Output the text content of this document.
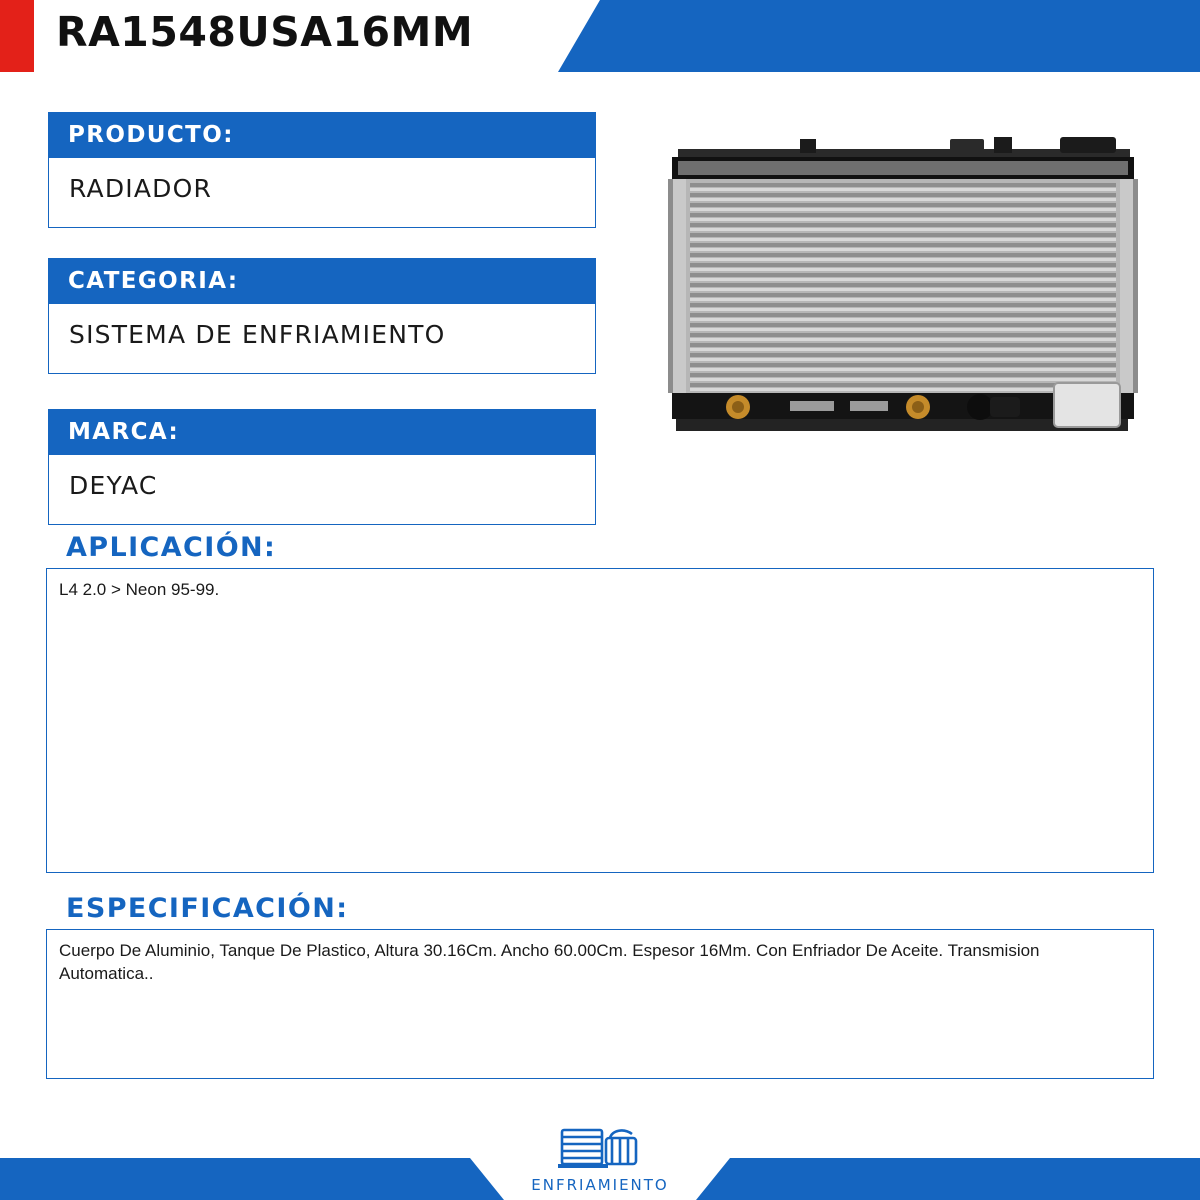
RA1548USA16MM
PRODUCTO:
RADIADOR
CATEGORIA:
SISTEMA DE ENFRIAMIENTO
MARCA:
DEYAC
APLICACIÓN:
L4 2.0 > Neon 95-99.
ESPECIFICACIÓN:
Cuerpo De Aluminio, Tanque De Plastico, Altura 30.16Cm. Ancho 60.00Cm. Espesor 16Mm. Con Enfriador De Aceite. Transmision Automatica..
ENFRIAMIENTO
